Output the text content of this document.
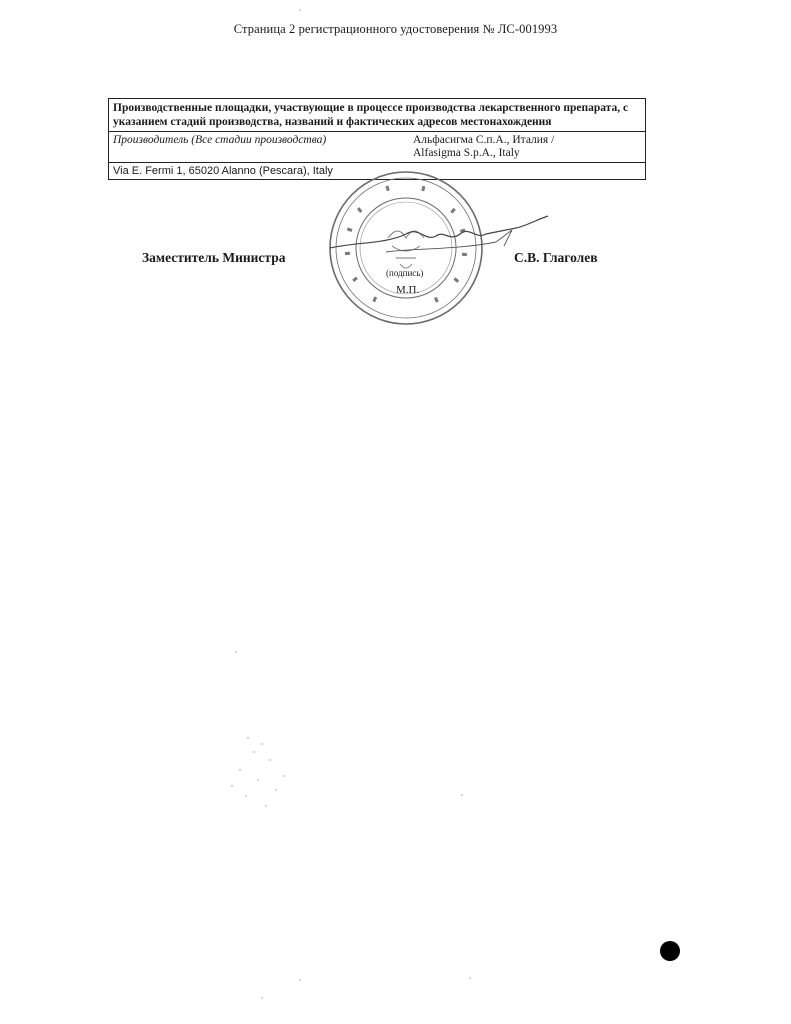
Страница 2 регистрационного удостоверения № ЛС-001993
Производственные площадки, участвующие в процессе производства лекарственного препарата, с указанием стадий производства, названий и фактических адресов местонахождения
Производитель (Все стадии производства)	Альфасигма С.п.А., Италия /
Alfasigma S.p.A., Italy

Via E. Fermi 1, 65020 Alanno (Pescara), Italy
Заместитель Министра	С.В. Глаголев
(подпись)
М.П.
